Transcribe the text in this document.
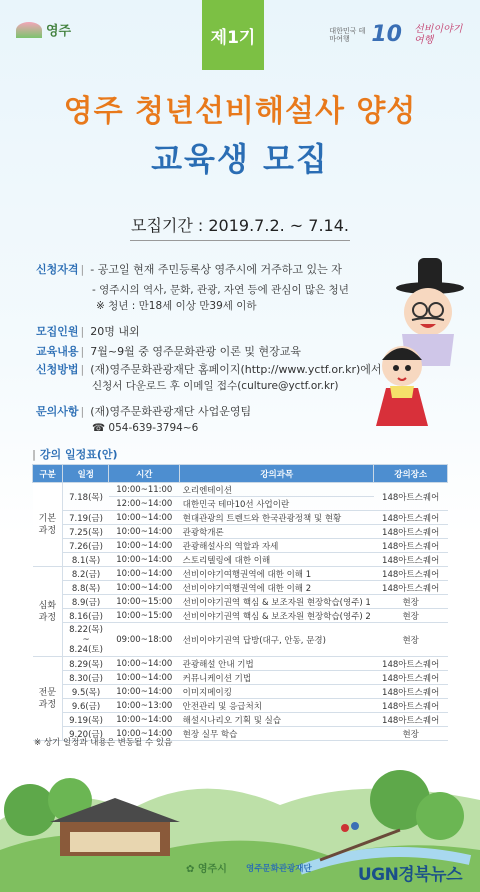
영주	제1기	대한민국 테마여행 10 선비이야기 여행
영주 청년선비해설사 양성
교육생 모집
모집기간 : 2019.7.2. ~ 7.14.
신청자격 | - 공고일 현재 주민등록상 영주시에 거주하고 있는 자
- 영주시의 역사, 문화, 관광, 자연 등에 관심이 많은 청년
※ 청년 : 만18세 이상 만39세 이하
모집인원 | 20명 내외
교육내용 | 7월~9월 중 영주문화관광 이론 및 현장교육
신청방법 | (재)영주문화관광재단 홈페이지(http://www.yctf.or.kr)에서
신청서 다운로드 후 이메일 접수(culture@yctf.or.kr)
문의사항 | (재)영주문화관광재단 사업운영팀
☎ 054-639-3794~6
| 강의 일정표(안)
구분	일정	시간	강의과목	강의장소
기본
과정	7.18(목)	10:00~11:00	오리엔테이션	148아트스퀘어
		12:00~14:00	대한민국 테마10선 사업이란	
	7.19(금)	10:00~14:00	현대관광의 트렌드와 한국관광정책 및 현황	148아트스퀘어
	7.25(목)	10:00~14:00	관광학개론	148아트스퀘어
	7.26(금)	10:00~14:00	관광해설사의 역할과 자세	148아트스퀘어
	8.1(목)	10:00~14:00	스토리텔링에 대한 이해	148아트스퀘어
심화
과정	8.2(금)	10:00~14:00	선비이야기여행권역에 대한 이해 1	148아트스퀘어
	8.8(목)	10:00~14:00	선비이야기여행권역에 대한 이해 2	148아트스퀘어
	8.9(금)	10:00~15:00	선비이야기권역 핵심 & 보조자원 현장학습(영주) 1	현장
	8.16(금)	10:00~15:00	선비이야기권역 핵심 & 보조자원 현장학습(영주) 2	현장
	8.22(목)
~
8.24(토)	09:00~18:00	선비이야기권역 답방(대구, 안동, 문경)	현장
전문
과정	8.29(목)	10:00~14:00	관광해설 안내 기법	148아트스퀘어
	8.30(금)	10:00~14:00	커뮤니케이션 기법	148아트스퀘어
	9.5(목)	10:00~14:00	이미지메이킹	148아트스퀘어
	9.6(금)	10:00~13:00	안전관리 및 응급처치	148아트스퀘어
	9.19(목)	10:00~14:00	해설시나리오 기획 및 실습	148아트스퀘어
	9.20(금)	10:00~14:00	현장 실무 학습	현장
※ 상기 일정과 내용은 변동될 수 있음
✿ 영주시 영주문화관광재단	UGN경북뉴스
